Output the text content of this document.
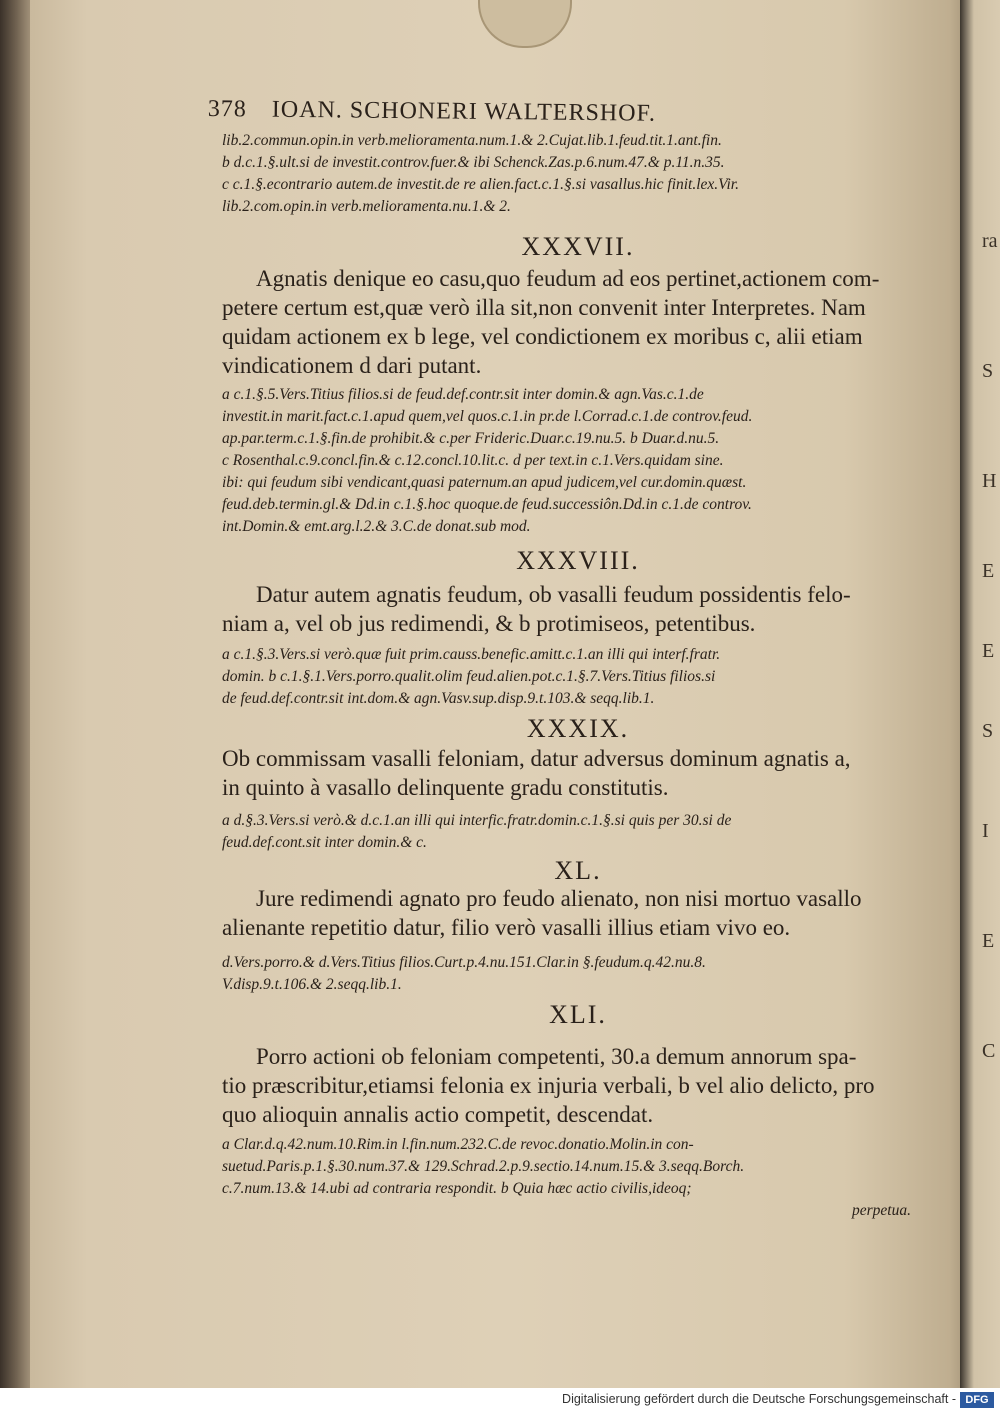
ra
S
H
E
E
S
I
E
C
378 IOAN. SCHONERI WALTERSHOF.
lib.2.commun.opin.in verb.melioramenta.num.1.& 2.Cujat.lib.1.feud.tit.1.ant.fin.
b d.c.1.§.ult.si de investit.controv.fuer.& ibi Schenck.Zas.p.6.num.47.& p.11.n.35.
c c.1.§.econtrario autem.de investit.de re alien.fact.c.1.§.si vasallus.hic finit.lex.Vir.
lib.2.com.opin.in verb.melioramenta.nu.1.& 2.
XXXVII.
Agnatis denique eo casu,quo feudum ad eos pertinet,actionem com-
petere certum est,quæ verò illa sit,non convenit inter Interpretes. Nam
quidam actionem ex b lege, vel condictionem ex moribus c, alii etiam
vindicationem d dari putant.
a c.1.§.5.Vers.Titius filios.si de feud.def.contr.sit inter domin.& agn.Vas.c.1.de
investit.in marit.fact.c.1.apud quem,vel quos.c.1.in pr.de l.Corrad.c.1.de controv.feud.
ap.par.term.c.1.§.fin.de prohibit.& c.per Frideric.Duar.c.19.nu.5. b Duar.d.nu.5.
c Rosenthal.c.9.concl.fin.& c.12.concl.10.lit.c. d per text.in c.1.Vers.quidam sine.
ibi: qui feudum sibi vendicant,quasi paternum.an apud judicem,vel cur.domin.quæst.
feud.deb.termin.gl.& Dd.in c.1.§.hoc quoque.de feud.successiôn.Dd.in c.1.de controv.
int.Domin.& emt.arg.l.2.& 3.C.de donat.sub mod.
XXXVIII.
Datur autem agnatis feudum, ob vasalli feudum possidentis felo-
niam a, vel ob jus redimendi, & b protimiseos, petentibus.
a c.1.§.3.Vers.si verò.quæ fuit prim.causs.benefic.amitt.c.1.an illi qui interf.fratr.
domin. b c.1.§.1.Vers.porro.qualit.olim feud.alien.pot.c.1.§.7.Vers.Titius filios.si
de feud.def.contr.sit int.dom.& agn.Vasv.sup.disp.9.t.103.& seqq.lib.1.
XXXIX.
Ob commissam vasalli feloniam, datur adversus dominum agnatis a,
in quinto à vasallo delinquente gradu constitutis.
a d.§.3.Vers.si verò.& d.c.1.an illi qui interfic.fratr.domin.c.1.§.si quis per 30.si de
feud.def.cont.sit inter domin.& c.
XL.
Jure redimendi agnato pro feudo alienato, non nisi mortuo vasallo
alienante repetitio datur, filio verò vasalli illius etiam vivo eo.
d.Vers.porro.& d.Vers.Titius filios.Curt.p.4.nu.151.Clar.in §.feudum.q.42.nu.8.
V.disp.9.t.106.& 2.seqq.lib.1.
XLI.
Porro actioni ob feloniam competenti, 30.a demum annorum spa-
tio præscribitur,etiamsi felonia ex injuria verbali, b vel alio delicto, pro
quo alioquin annalis actio competit, descendat.
a Clar.d.q.42.num.10.Rim.in l.fin.num.232.C.de revoc.donatio.Molin.in con-
suetud.Paris.p.1.§.30.num.37.& 129.Schrad.2.p.9.sectio.14.num.15.& 3.seqq.Borch.
c.7.num.13.& 14.ubi ad contraria respondit. b Quia hæc actio civilis,ideoq;
perpetua.
Digitalisierung gefördert durch die Deutsche Forschungsgemeinschaft - DFG
